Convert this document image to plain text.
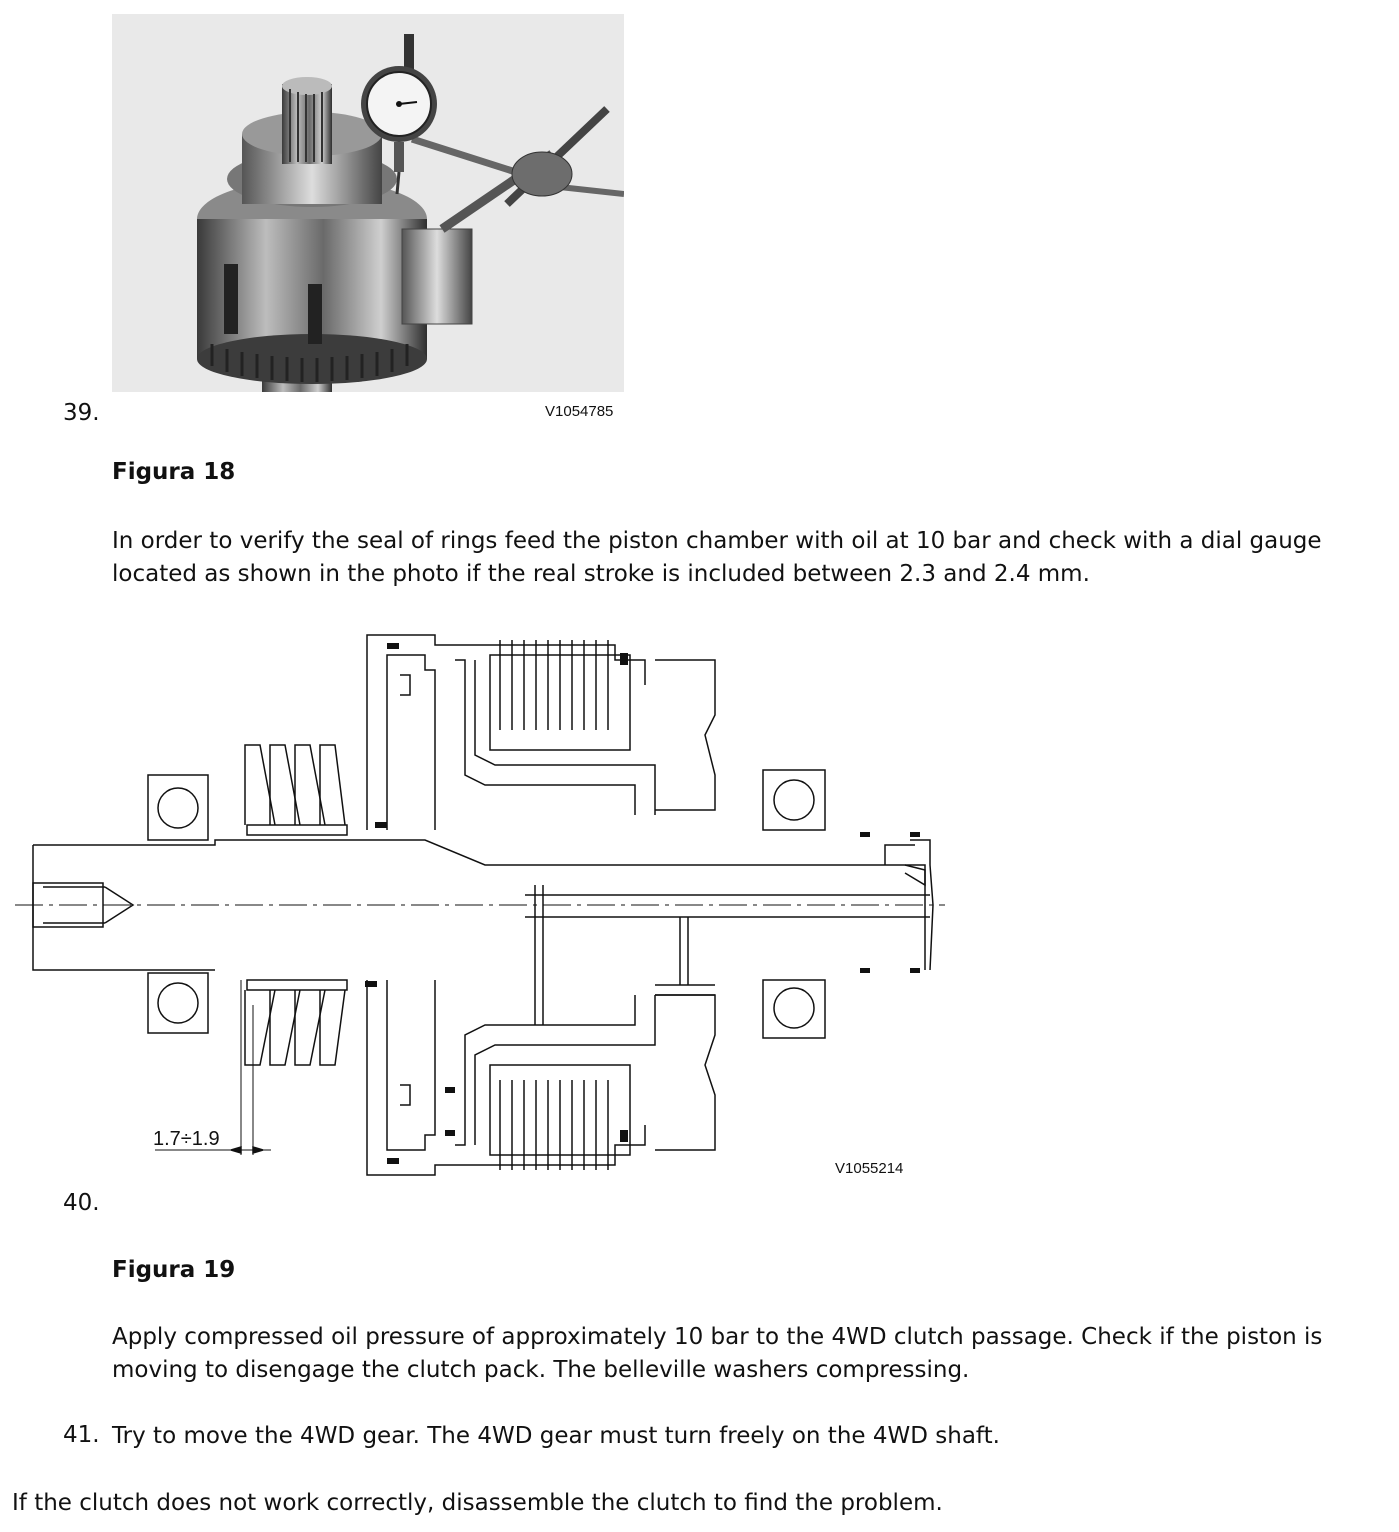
39.	V1054785
Figura 18
In order to verify the seal of rings feed the piston chamber with oil at 10 bar and check with a dial gauge located as shown in the photo if the real stroke is included between 2.3 and 2.4 mm.
1.7÷1.9
V1055214
40.
Figura 19
Apply compressed oil pressure of approximately 10 bar to the 4WD clutch passage. Check if the piston is moving to disengage the clutch pack. The belleville washers compressing.
41. Try to move the 4WD gear. The 4WD gear must turn freely on the 4WD shaft.
If the clutch does not work correctly, disassemble the clutch to find the problem.
